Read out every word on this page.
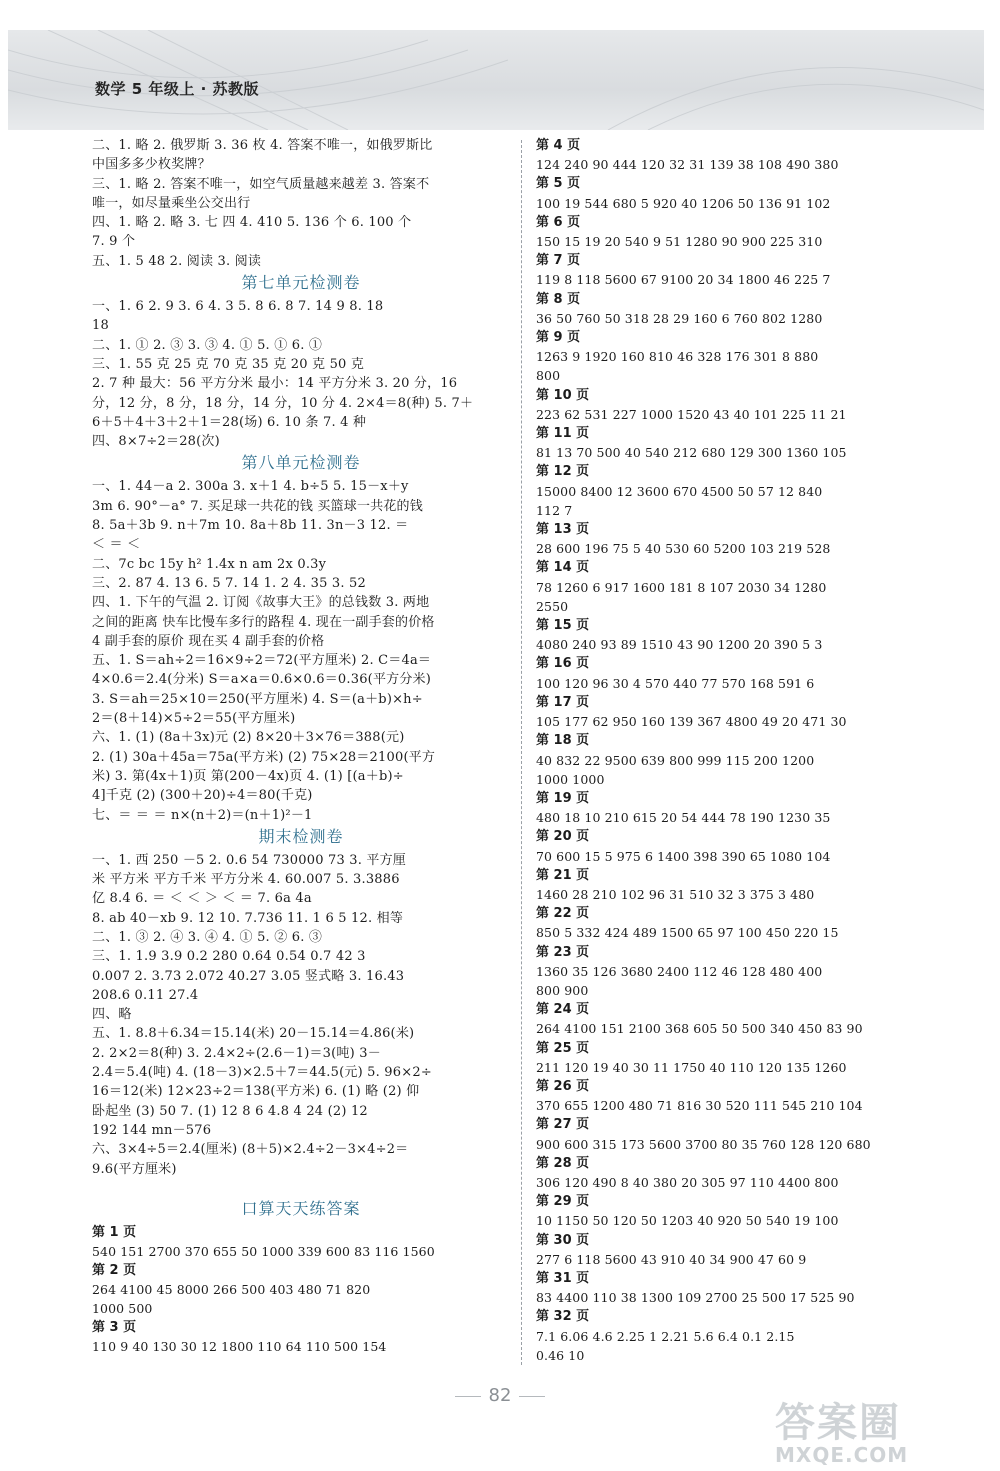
数学 5 年级上 · 苏教版
二、1. 略 2. 俄罗斯 3. 36 枚 4. 答案不唯一，如俄罗斯比
中国多多少枚奖牌？
三、1. 略 2. 答案不唯一，如空气质量越来越差 3. 答案不
唯一，如尽量乘坐公交出行
四、1. 略 2. 略 3. 七 四 4. 410 5. 136 个 6. 100 个
7. 9 个
五、1. 5 48 2. 阅读 3. 阅读
第七单元检测卷
一、1. 6 2. 9 3. 6 4. 3 5. 8 6. 8 7. 14 9 8. 18
18
二、1. ① 2. ③ 3. ③ 4. ① 5. ① 6. ①
三、1. 55 克 25 克 70 克 35 克 20 克 50 克
2. 7 种 最大：56 平方分米 最小：14 平方分米 3. 20 分，16
分，12 分，8 分，18 分，14 分，10 分 4. 2×4＝8(种) 5. 7＋
6＋5＋4＋3＋2＋1＝28(场) 6. 10 条 7. 4 种
四、8×7÷2＝28(次)
第八单元检测卷
一、1. 44－a 2. 300a 3. x＋1 4. b÷5 5. 15－x＋y
3m 6. 90°－a° 7. 买足球一共花的钱 买篮球一共花的钱
8. 5a＋3b 9. n＋7m 10. 8a＋8b 11. 3n－3 12. ＝
＜ ＝ ＜
二、7c bc 15y h² 1.4x n am 2x 0.3y
三、2. 87 4. 13 6. 5 7. 14 1. 2 4. 35 3. 52
四、1. 下午的气温 2. 订阅《故事大王》的总钱数 3. 两地
之间的距离 快车比慢车多行的路程 4. 现在一副手套的价格
4 副手套的原价 现在买 4 副手套的价格
五、1. S＝ah÷2＝16×9÷2＝72(平方厘米) 2. C＝4a＝
4×0.6＝2.4(分米) S＝a×a＝0.6×0.6＝0.36(平方分米)
3. S＝ah＝25×10＝250(平方厘米) 4. S＝(a＋b)×h÷
2＝(8＋14)×5÷2＝55(平方厘米)
六、1. (1) (8a＋3x)元 (2) 8×20＋3×76＝388(元)
2. (1) 30a＋45a＝75a(平方米) (2) 75×28＝2100(平方
米) 3. 第(4x＋1)页 第(200－4x)页 4. (1) [(a＋b)÷
4]千克 (2) (300＋20)÷4＝80(千克)
七、＝ ＝ ＝ n×(n＋2)＝(n＋1)²－1
期末检测卷
一、1. 西 250 －5 2. 0.6 54 730000 73 3. 平方厘
米 平方米 平方千米 平方分米 4. 60.007 5. 3.3886
亿 8.4 6. ＝ ＜ ＜ ＞ ＜ ＝ 7. 6a 4a
8. ab 40－xb 9. 12 10. 7.736 11. 1 6 5 12. 相等
二、1. ③ 2. ④ 3. ④ 4. ① 5. ② 6. ③
三、1. 1.9 3.9 0.2 280 0.64 0.54 0.7 42 3
0.007 2. 3.73 2.072 40.27 3.05 竖式略 3. 16.43
208.6 0.11 27.4
四、略
五、1. 8.8＋6.34＝15.14(米) 20－15.14＝4.86(米)
2. 2×2＝8(种) 3. 2.4×2÷(2.6－1)＝3(吨) 3－
2.4＝5.4(吨) 4. (18－3)×2.5＋7＝44.5(元) 5. 96×2÷
16＝12(米) 12×23÷2＝138(平方米) 6. (1) 略 (2) 仰
卧起坐 (3) 50 7. (1) 12 8 6 4.8 4 24 (2) 12
192 144 mn－576
六、3×4÷5＝2.4(厘米) (8＋5)×2.4÷2－3×4÷2＝
9.6(平方厘米)
口算天天练答案
第 1 页
540 151 2700 370 655 50 1000 339 600 83 116 1560
第 2 页
264 4100 45 8000 266 500 403 480 71 820
1000 500
第 3 页
110 9 40 130 30 12 1800 110 64 110 500 154
第 4 页
124 240 90 444 120 32 31 139 38 108 490 380
第 5 页
100 19 544 680 5 920 40 1206 50 136 91 102
第 6 页
150 15 19 20 540 9 51 1280 90 900 225 310
第 7 页
119 8 118 5600 67 9100 20 34 1800 46 225 7
第 8 页
36 50 760 50 318 28 29 160 6 760 802 1280
第 9 页
1263 9 1920 160 810 46 328 176 301 8 880
800
第 10 页
223 62 531 227 1000 1520 43 40 101 225 11 21
第 11 页
81 13 70 500 40 540 212 680 129 300 1360 105
第 12 页
15000 8400 12 3600 670 4500 50 57 12 840
112 7
第 13 页
28 600 196 75 5 40 530 60 5200 103 219 528
第 14 页
78 1260 6 917 1600 181 8 107 2030 34 1280
2550
第 15 页
4080 240 93 89 1510 43 90 1200 20 390 5 3
第 16 页
100 120 96 30 4 570 440 77 570 168 591 6
第 17 页
105 177 62 950 160 139 367 4800 49 20 471 30
第 18 页
40 832 22 9500 639 800 999 115 200 1200
1000 1000
第 19 页
480 18 10 210 615 20 54 444 78 190 1230 35
第 20 页
70 600 15 5 975 6 1400 398 390 65 1080 104
第 21 页
1460 28 210 102 96 31 510 32 3 375 3 480
第 22 页
850 5 332 424 489 1500 65 97 100 450 220 15
第 23 页
1360 35 126 3680 2400 112 46 128 480 400
800 900
第 24 页
264 4100 151 2100 368 605 50 500 340 450 83 90
第 25 页
211 120 19 40 30 11 1750 40 110 120 135 1260
第 26 页
370 655 1200 480 71 816 30 520 111 545 210 104
第 27 页
900 600 315 173 5600 3700 80 35 760 128 120 680
第 28 页
306 120 490 8 40 380 20 305 97 110 4400 800
第 29 页
10 1150 50 120 50 1203 40 920 50 540 19 100
第 30 页
277 6 118 5600 43 910 40 34 900 47 60 9
第 31 页
83 4400 110 38 1300 109 2700 25 500 17 525 90
第 32 页
7.1 6.06 4.6 2.25 1 2.21 5.6 6.4 0.1 2.15
0.46 10
82
答案圈
MXQE.COM
